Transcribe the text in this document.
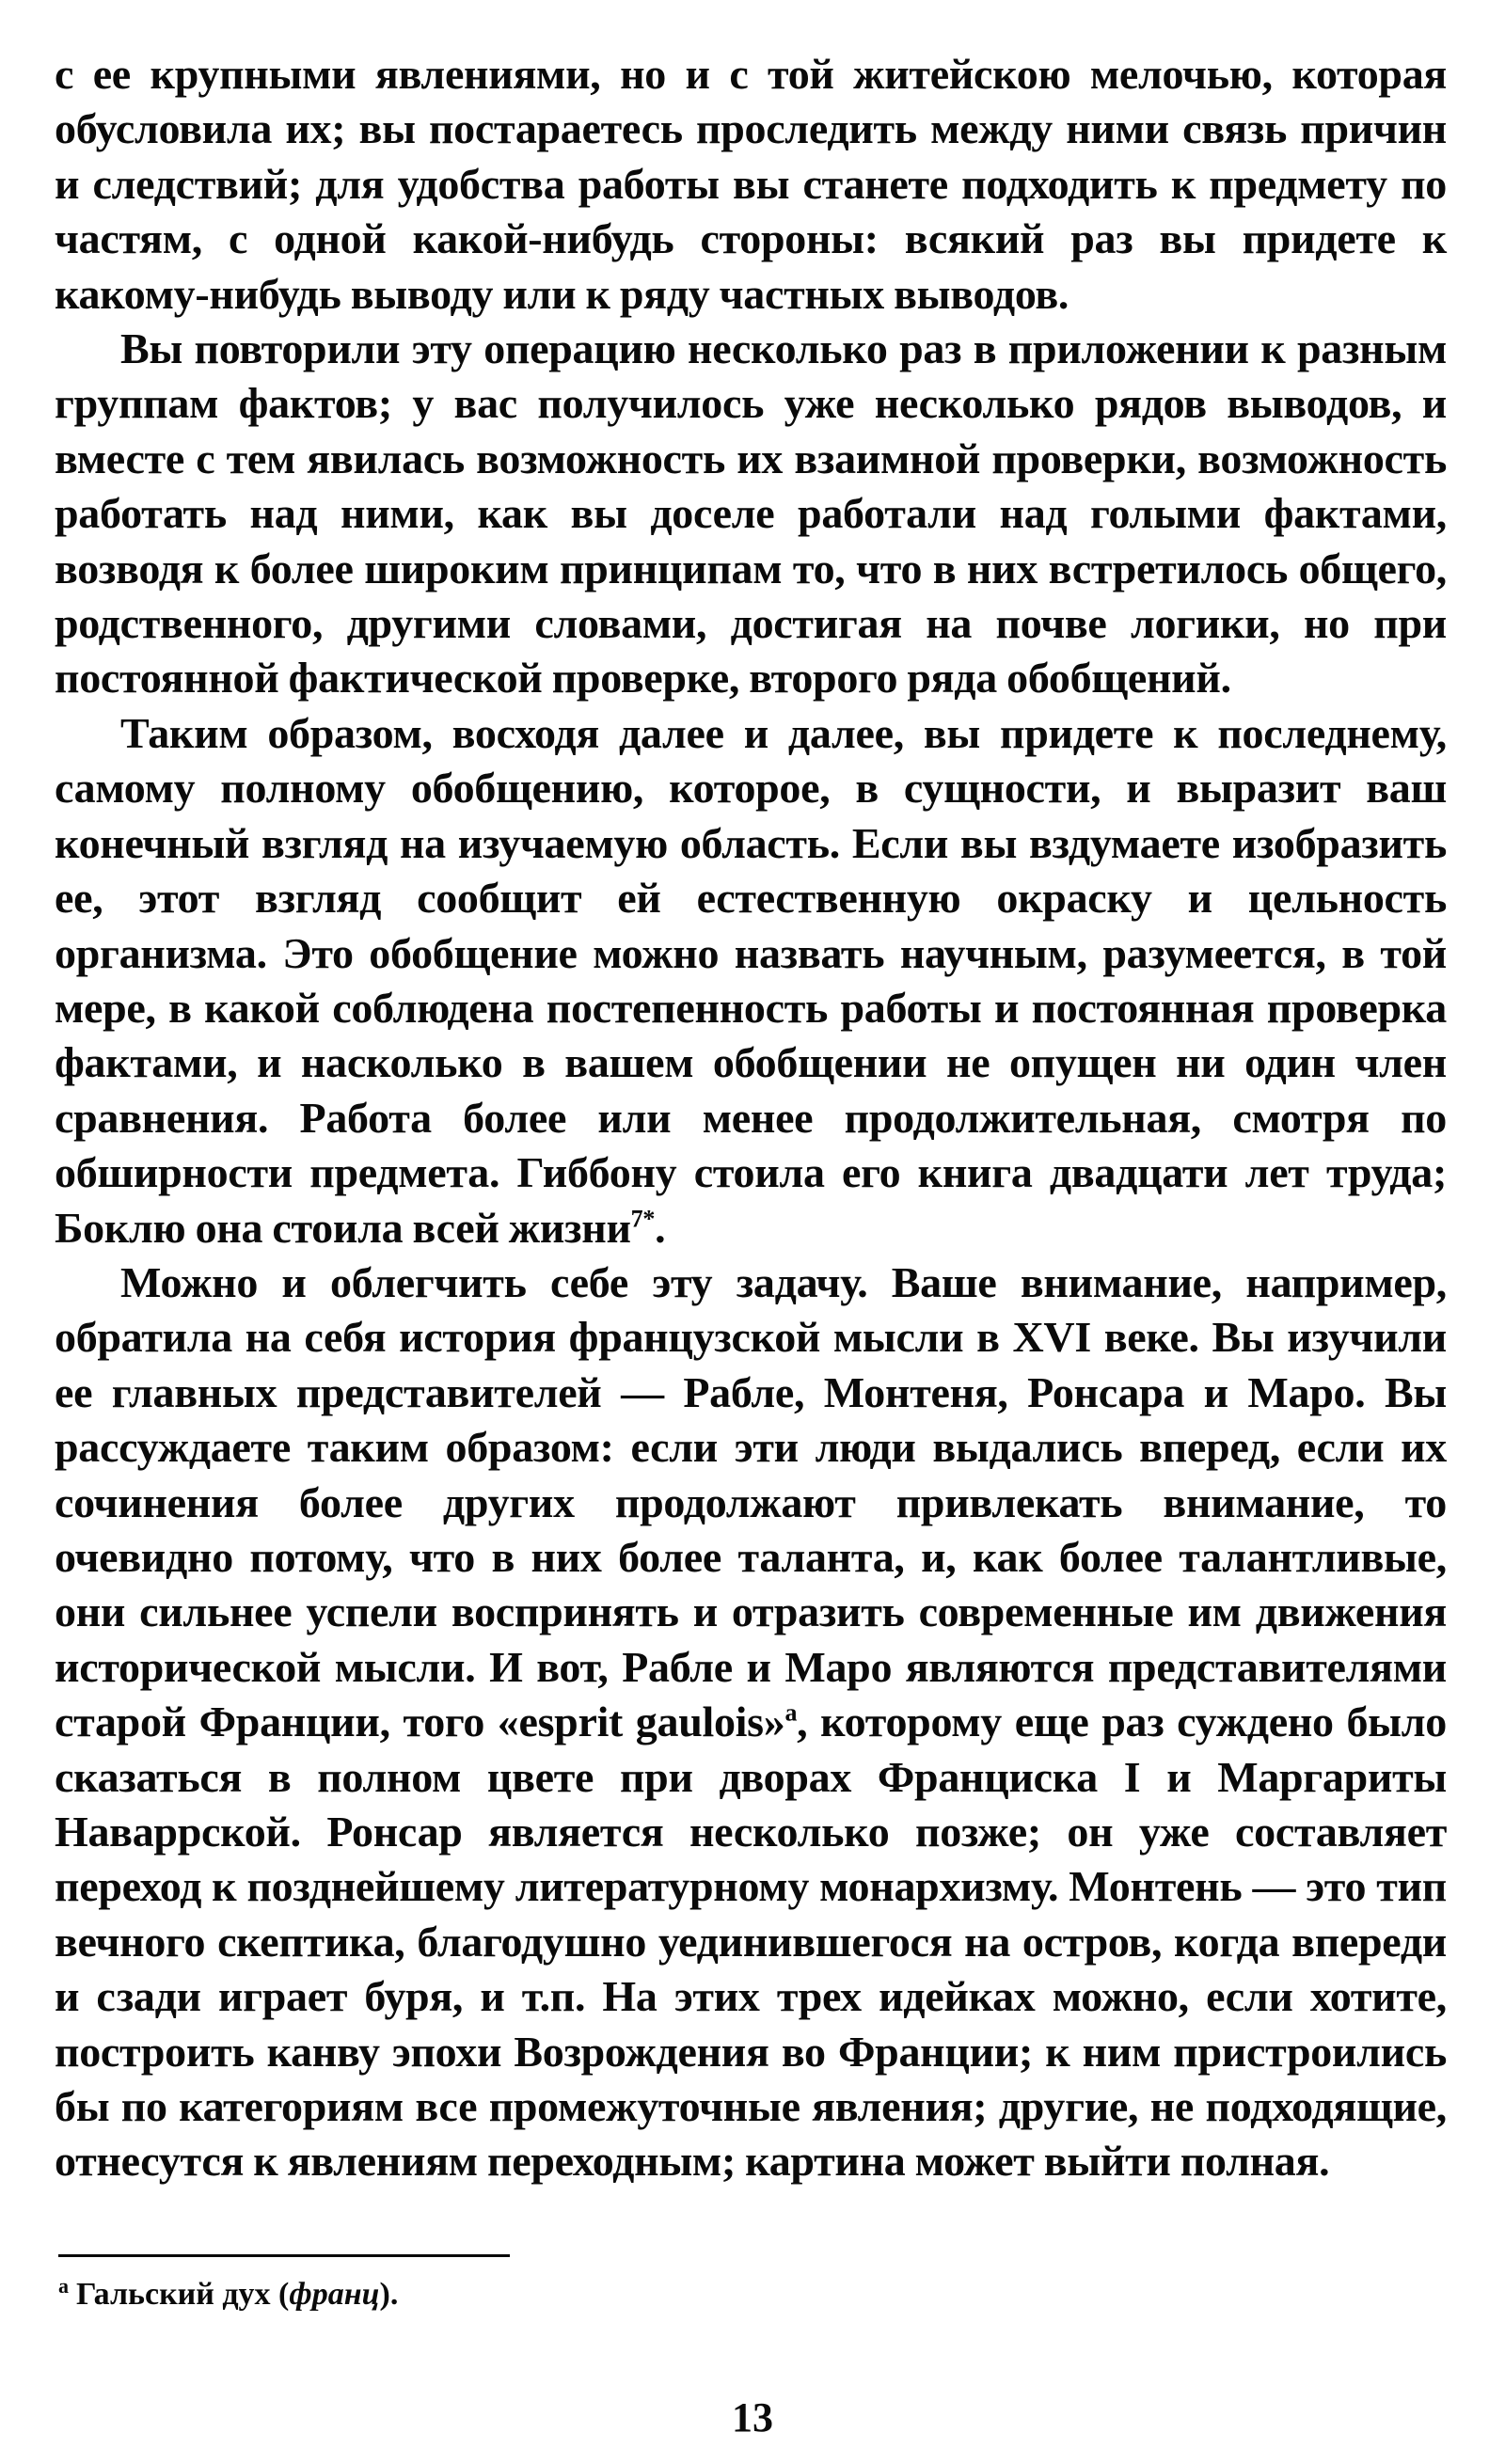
с ее крупными явлениями, но и с той житейскою мелочью, которая обусловила их; вы постараетесь проследить между ними связь причин и следствий; для удобства работы вы станете подходить к предмету по частям, с одной какой-нибудь стороны: всякий раз вы придете к какому-нибудь выводу или к ряду частных выводов.

Вы повторили эту операцию несколько раз в приложении к разным группам фактов; у вас получилось уже несколько рядов выводов, и вместе с тем явилась возможность их взаимной проверки, возможность работать над ними, как вы доселе работали над голыми фактами, возводя к более широким принципам то, что в них встретилось общего, родственного, другими словами, достигая на почве логики, но при постоянной фактической проверке, второго ряда обобщений.

Таким образом, восходя далее и далее, вы придете к последнему, самому полному обобщению, которое, в сущности, и выразит ваш конечный взгляд на изучаемую область. Если вы вздумаете изобразить ее, этот взгляд сообщит ей естественную окраску и цельность организма. Это обобщение можно назвать научным, разумеется, в той мере, в какой соблюдена постепенность работы и постоянная проверка фактами, и насколько в вашем обобщении не опущен ни один член сравнения. Работа более или менее продолжительная, смотря по обширности предмета. Гиббону стоила его книга двадцати лет труда; Боклю она стоила всей жизни$^{7*}$.

Можно и облегчить себе эту задачу. Ваше внимание, например, обратила на себя история французской мысли в XVI веке. Вы изучили ее главных представителей — Рабле, Монтеня, Ронсара и Маро. Вы рассуждаете таким образом: если эти люди выдались вперед, если их сочинения более других продолжают привлекать внимание, то очевидно потому, что в них более таланта, и, как более талантливые, они сильнее успели воспринять и отразить современные им движения исторической мысли. И вот, Рабле и Маро являются представителями старой Франции, того «esprit gaulois»$^a$, которому еще раз суждено было сказаться в полном цвете при дворах Франциска I и Маргариты Наваррской. Ронсар является несколько позже; он уже составляет переход к позднейшему литературному монархизму. Монтень — это тип вечного скептика, благодушно уединившегося на остров, когда впереди и сзади играет буря, и т.п. На этих трех идейках можно, если хотите, построить канву эпохи Возрождения во Франции; к ним пристроились бы по категориям все промежуточные явления; другие, не подходящие, отнесутся к явлениям переходным; картина может выйти полная.

$^a$ Гальский дух (франц).
13
